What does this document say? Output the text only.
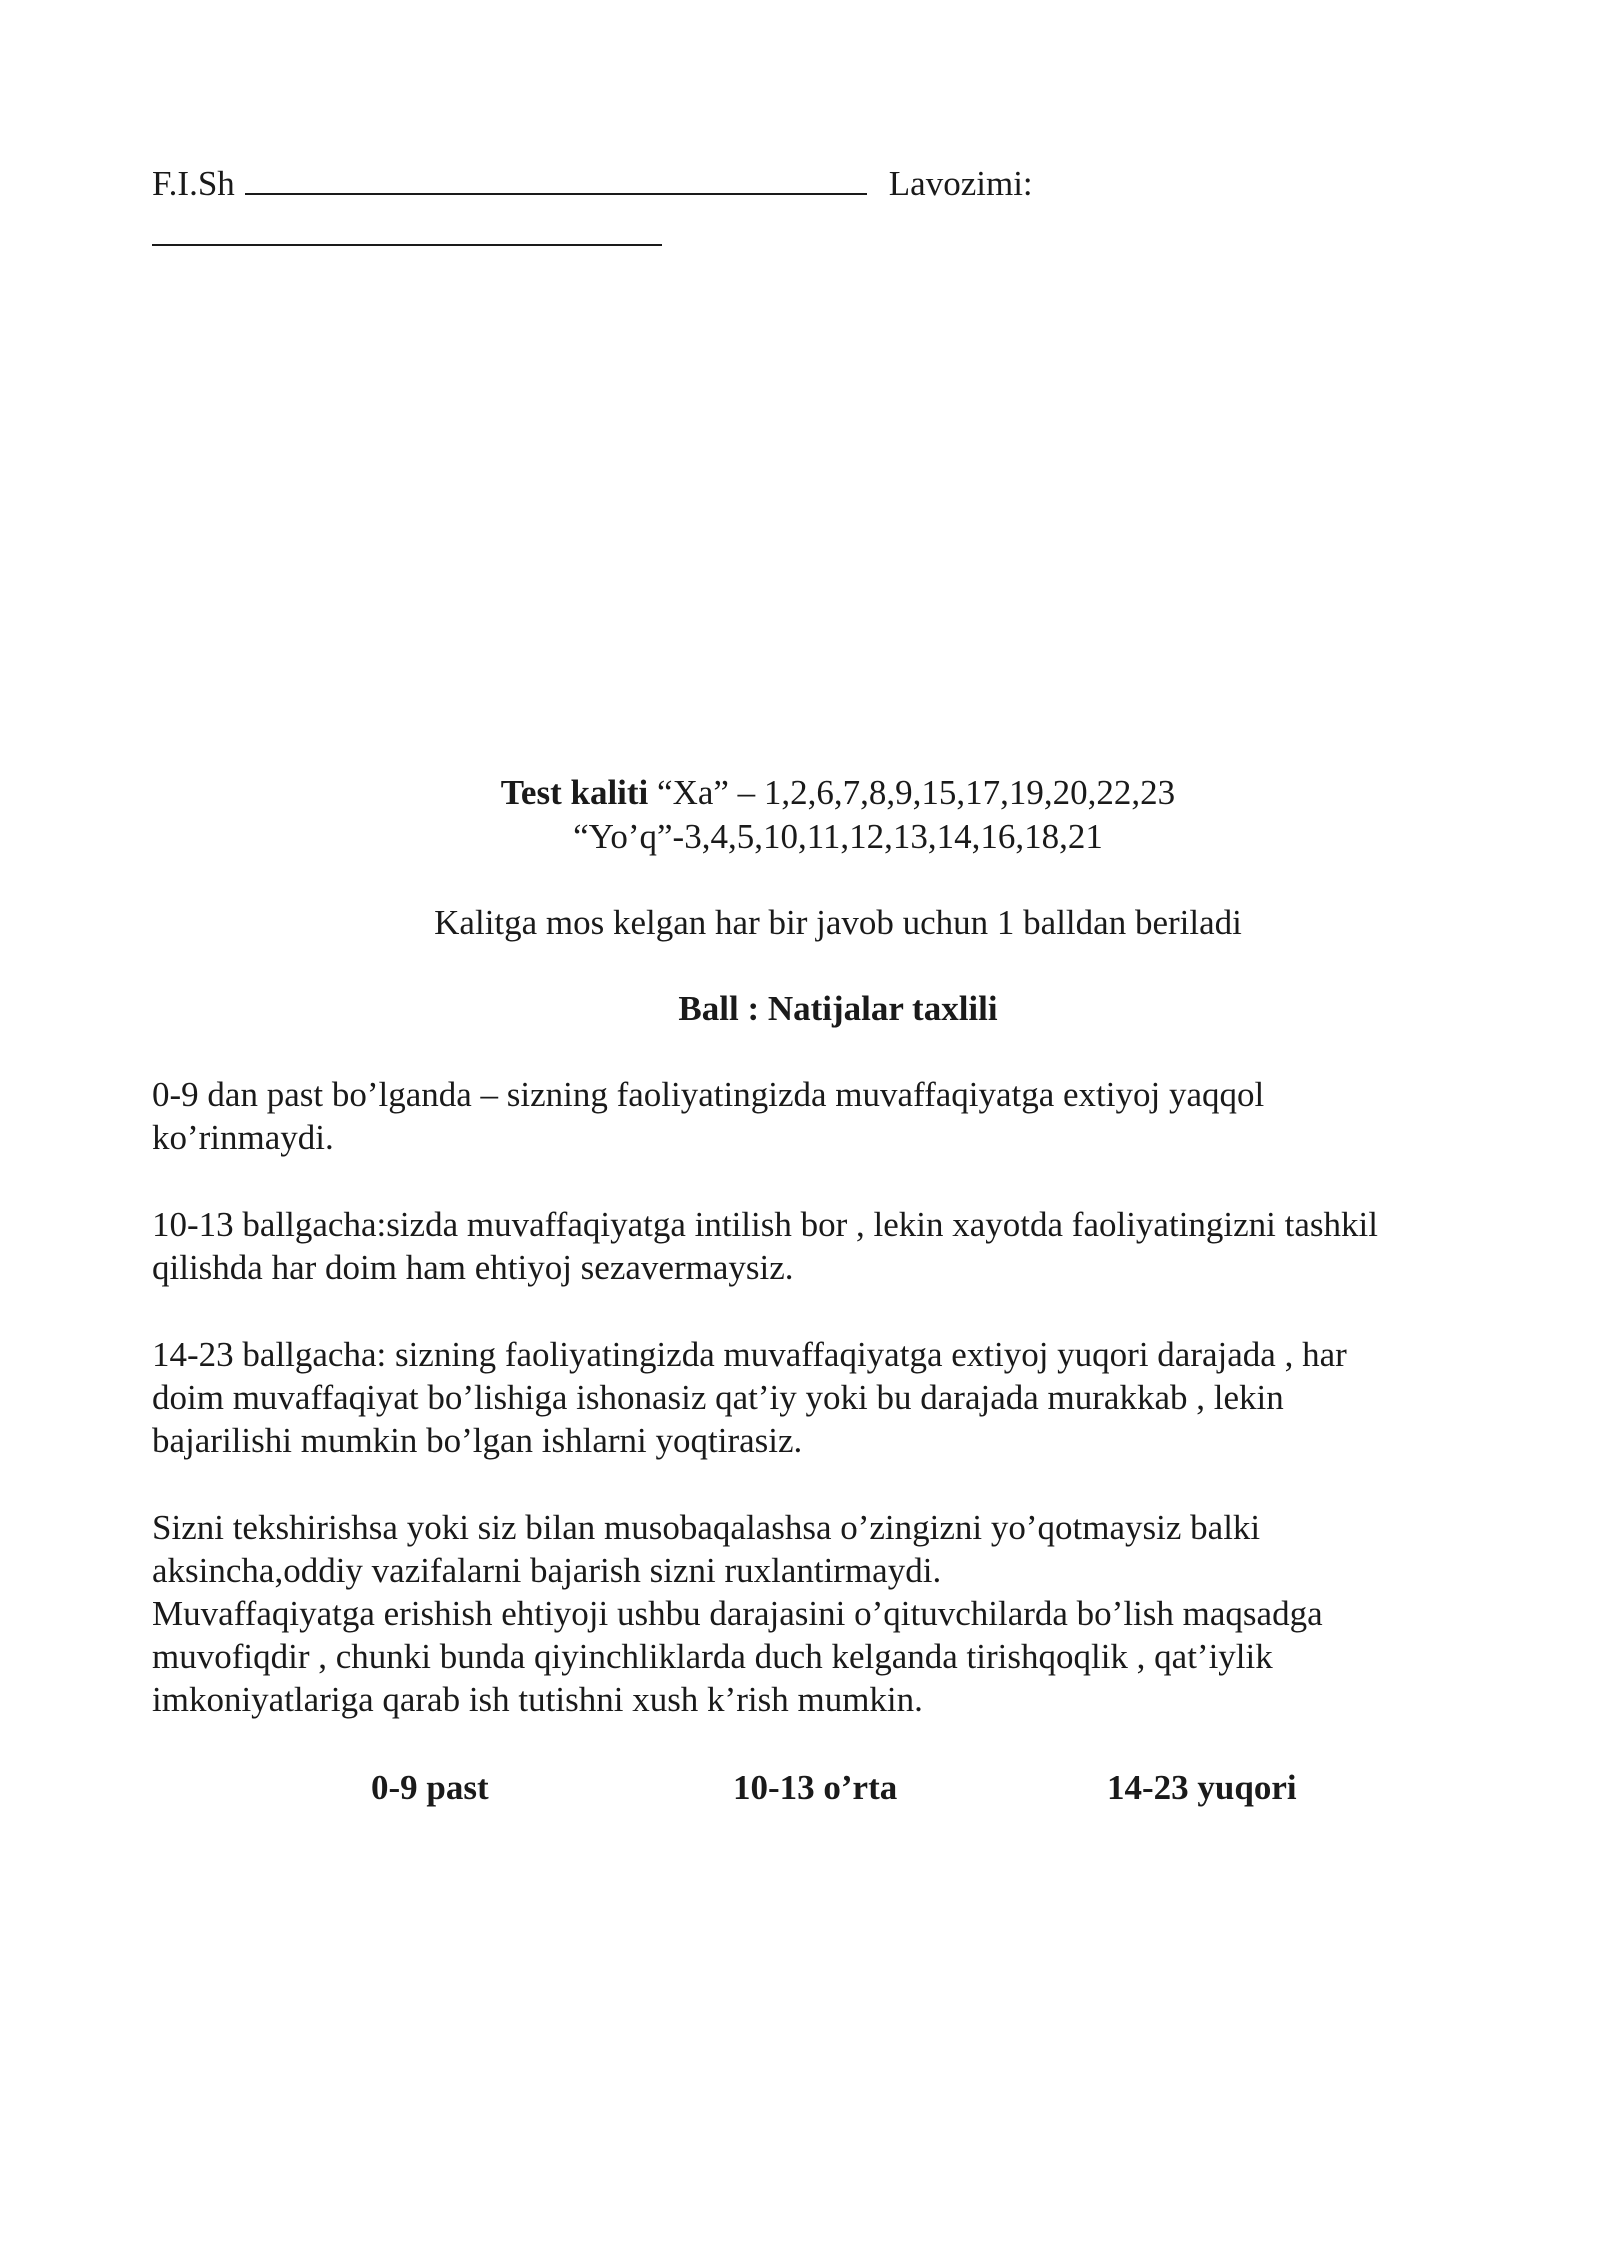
F.I.Sh	Lavozimi:
Test kaliti “Xa” – 1,2,6,7,8,9,15,17,19,20,22,23
“Yo’q”-3,4,5,10,11,12,13,14,16,18,21
Kalitga mos kelgan har bir javob uchun 1 balldan beriladi
Ball : Natijalar taxlili
0-9 dan past bo’lganda – sizning faoliyatingizda muvaffaqiyatga extiyoj yaqqol
ko’rinmaydi.
10-13 ballgacha:sizda muvaffaqiyatga intilish bor , lekin xayotda faoliyatingizni tashkil
qilishda har doim ham ehtiyoj sezavermaysiz.
14-23 ballgacha: sizning faoliyatingizda muvaffaqiyatga extiyoj yuqori darajada , har
doim muvaffaqiyat bo’lishiga ishonasiz qat’iy yoki bu darajada murakkab , lekin
bajarilishi mumkin bo’lgan ishlarni yoqtirasiz.
Sizni tekshirishsa yoki siz bilan musobaqalashsa o’zingizni yo’qotmaysiz balki
aksincha,oddiy vazifalarni bajarish sizni ruxlantirmaydi.
Muvaffaqiyatga erishish ehtiyoji ushbu darajasini o’qituvchilarda bo’lish maqsadga
muvofiqdir , chunki bunda qiyinchliklarda duch kelganda tirishqoqlik , qat’iylik
imkoniyatlariga qarab ish tutishni xush k’rish mumkin.
0-9 past	10-13 o’rta	14-23 yuqori
